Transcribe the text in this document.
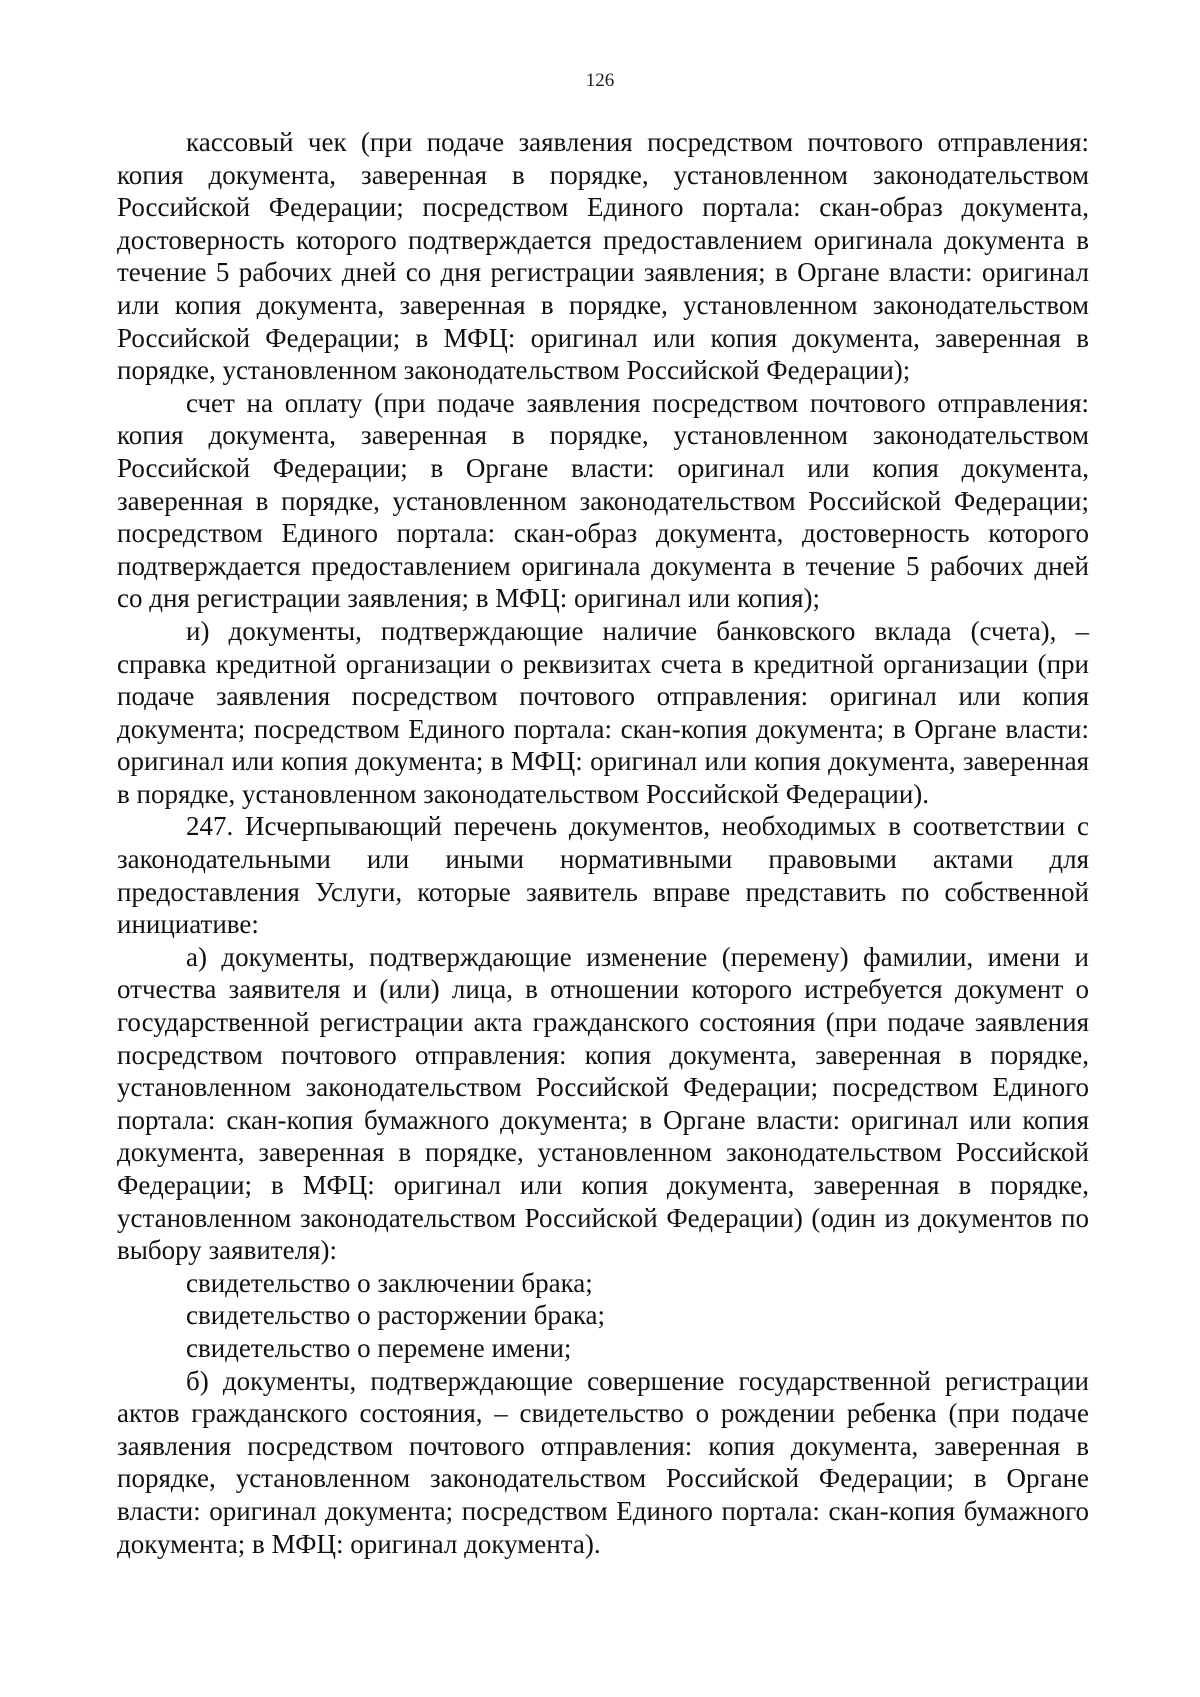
126

кассовый чек (при подаче заявления посредством почтового отправления: копия документа, заверенная в порядке, установленном законодательством Российской Федерации; посредством Единого портала: скан-образ документа, достоверность которого подтверждается предоставлением оригинала документа в течение 5 рабочих дней со дня регистрации заявления; в Органе власти: оригинал или копия документа, заверенная в порядке, установленном законодательством Российской Федерации; в МФЦ: оригинал или копия документа, заверенная в порядке, установленном законодательством Российской Федерации);

счет на оплату (при подаче заявления посредством почтового отправления: копия документа, заверенная в порядке, установленном законодательством Российской Федерации; в Органе власти: оригинал или копия документа, заверенная в порядке, установленном законодательством Российской Федерации; посредством Единого портала: скан-образ документа, достоверность которого подтверждается предоставлением оригинала документа в течение 5 рабочих дней со дня регистрации заявления; в МФЦ: оригинал или копия);

и) документы, подтверждающие наличие банковского вклада (счета), – справка кредитной организации о реквизитах счета в кредитной организации (при подаче заявления посредством почтового отправления: оригинал или копия документа; посредством Единого портала: скан-копия документа; в Органе власти: оригинал или копия документа; в МФЦ: оригинал или копия документа, заверенная в порядке, установленном законодательством Российской Федерации).

247. Исчерпывающий перечень документов, необходимых в соответствии с законодательными или иными нормативными правовыми актами для предоставления Услуги, которые заявитель вправе представить по собственной инициативе:

а) документы, подтверждающие изменение (перемену) фамилии, имени и отчества заявителя и (или) лица, в отношении которого истребуется документ о государственной регистрации акта гражданского состояния (при подаче заявления посредством почтового отправления: копия документа, заверенная в порядке, установленном законодательством Российской Федерации; посредством Единого портала: скан-копия бумажного документа; в Органе власти: оригинал или копия документа, заверенная в порядке, установленном законодательством Российской Федерации; в МФЦ: оригинал или копия документа, заверенная в порядке, установленном законодательством Российской Федерации) (один из документов по выбору заявителя):

свидетельство о заключении брака;

свидетельство о расторжении брака;

свидетельство о перемене имени;

б) документы, подтверждающие совершение государственной регистрации актов гражданского состояния, – свидетельство о рождении ребенка (при подаче заявления посредством почтового отправления: копия документа, заверенная в порядке, установленном законодательством Российской Федерации; в Органе власти: оригинал документа; посредством Единого портала: скан-копия бумажного документа; в МФЦ: оригинал документа).
